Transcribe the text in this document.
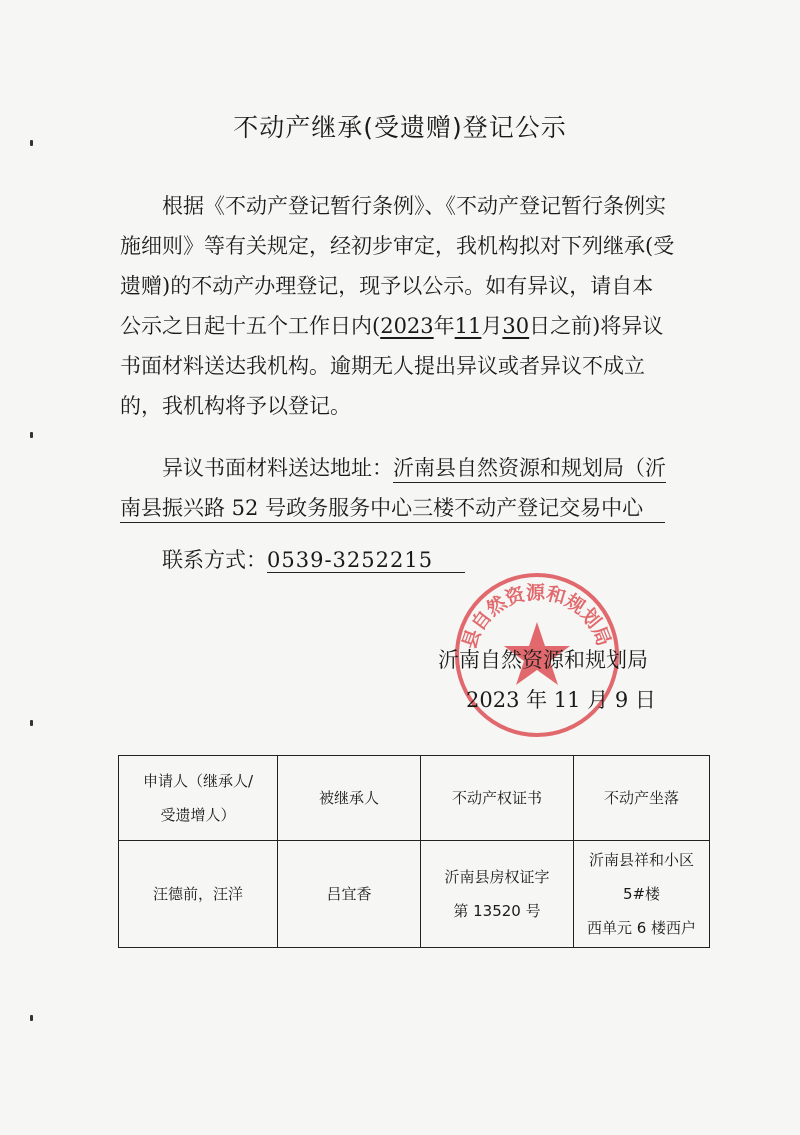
不动产继承(受遗赠)登记公示
根据《不动产登记暂行条例》、《不动产登记暂行条例实
施细则》等有关规定，经初步审定，我机构拟对下列继承(受
遗赠)的不动产办理登记，现予以公示。如有异议，请自本
公示之日起十五个工作日内(2023年11月30日之前)将异议
书面材料送达我机构。逾期无人提出异议或者异议不成立
的，我机构将予以登记。
异议书面材料送达地址：沂南县自然资源和规划局（沂
南县振兴路 52 号政务服务中心三楼不动产登记交易中心
联系方式：0539-3252215
县自然资源和规划局
沂南自然资源和规划局
2023 年 11 月 9 日
申请人（继承人/
受遗增人）	被继承人	不动产权证书	不动产坐落
汪德前，汪洋	吕宜香	沂南县房权证字
第 13520 号	沂南县祥和小区 5#楼
西单元 6 楼西户
